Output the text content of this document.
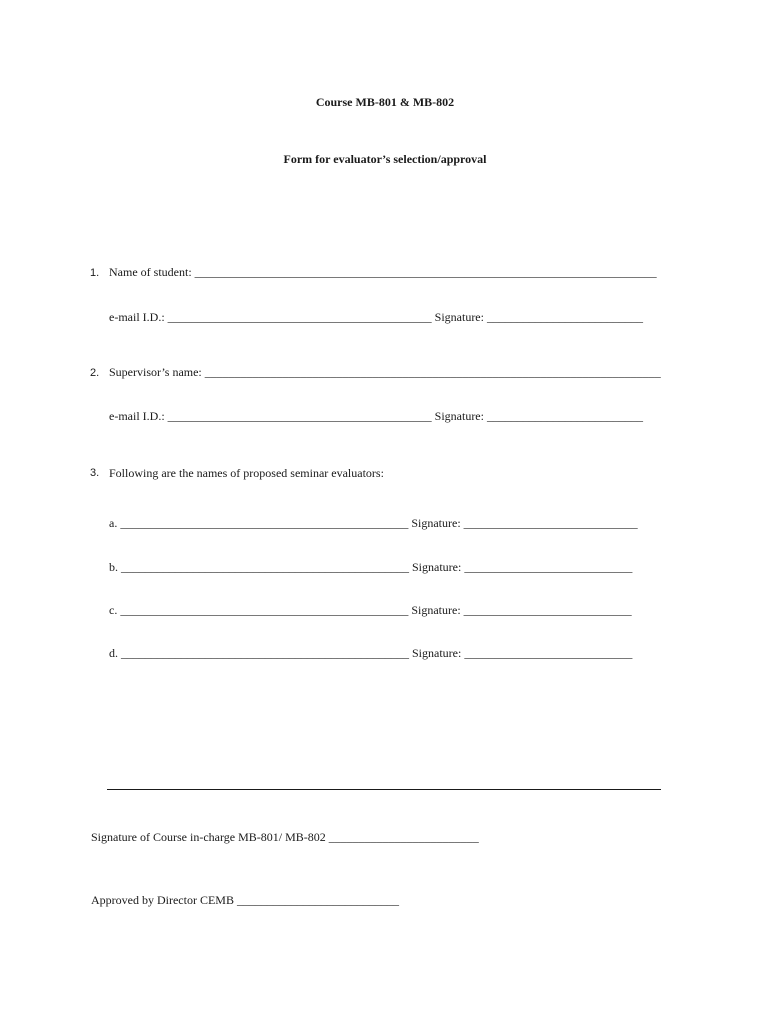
Course MB-801 & MB-802
Form for evaluator’s selection/approval
1. Name of student: _____________________________________________________________________________
e-mail I.D.: ____________________________________________ Signature: __________________________
2. Supervisor’s name: ____________________________________________________________________________
e-mail I.D.: ____________________________________________ Signature: __________________________
3. Following are the names of proposed seminar evaluators:
a. ________________________________________________ Signature: _____________________________
b. ________________________________________________ Signature: ____________________________
c. ________________________________________________ Signature: ____________________________
d. ________________________________________________ Signature: ____________________________
Signature of Course in-charge MB-801/ MB-802 _________________________
Approved by Director CEMB ___________________________
